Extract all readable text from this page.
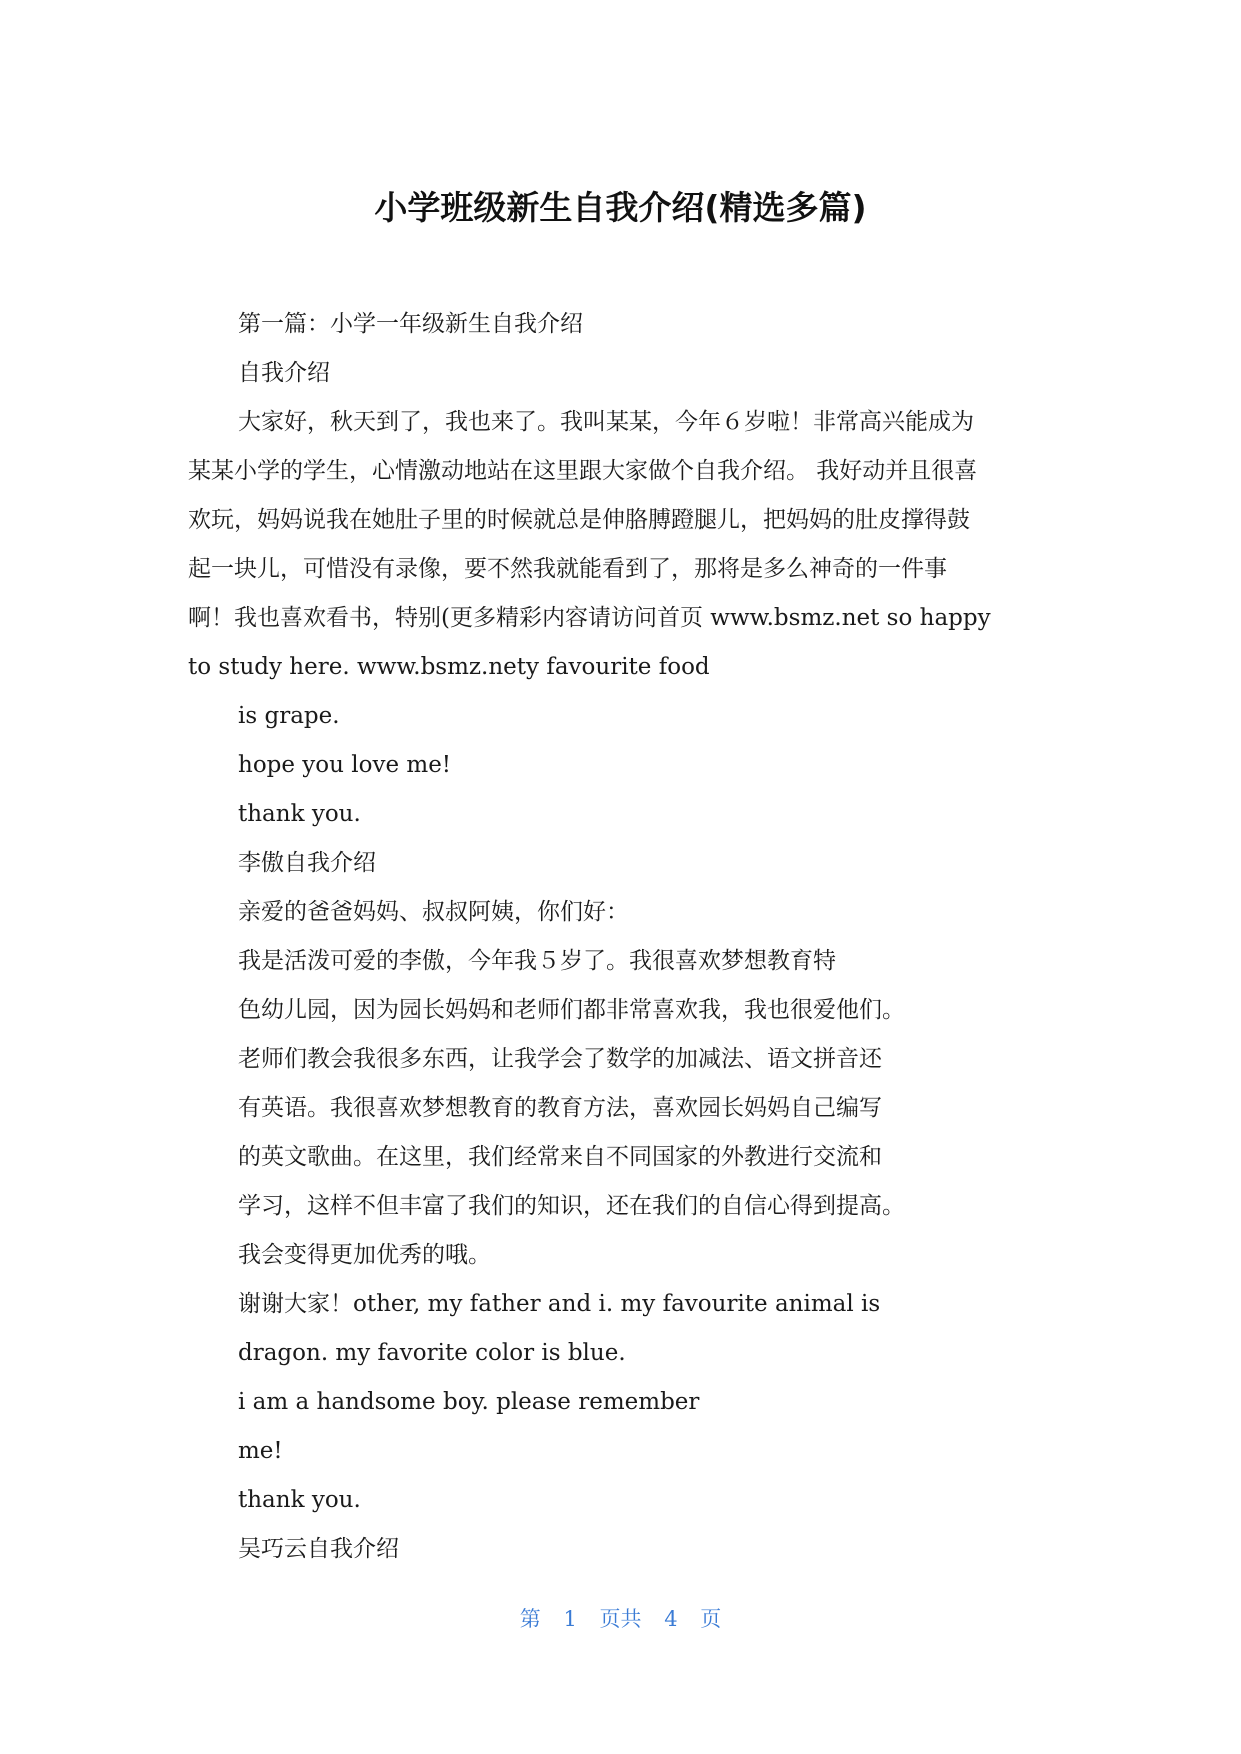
小学班级新生自我介绍(精选多篇)
第一篇：小学一年级新生自我介绍
自我介绍
大家好，秋天到了，我也来了。我叫某某，今年６岁啦！非常高兴能成为
某某小学的学生，心情激动地站在这里跟大家做个自我介绍。 我好动并且很喜
欢玩，妈妈说我在她肚子里的时候就总是伸胳膊蹬腿儿，把妈妈的肚皮撑得鼓
起一块儿，可惜没有录像，要不然我就能看到了，那将是多么神奇的一件事
啊！我也喜欢看书，特别(更多精彩内容请访问首页 www.bsmz.net so happy
to study here. www.bsmz.nety favourite food
is grape.
hope you love me!
thank you.
李傲自我介绍
亲爱的爸爸妈妈、叔叔阿姨，你们好：
我是活泼可爱的李傲，今年我５岁了。我很喜欢梦想教育特
色幼儿园，因为园长妈妈和老师们都非常喜欢我，我也很爱他们。
老师们教会我很多东西，让我学会了数学的加减法、语文拼音还
有英语。我很喜欢梦想教育的教育方法，喜欢园长妈妈自己编写
的英文歌曲。在这里，我们经常来自不同国家的外教进行交流和
学习，这样不但丰富了我们的知识，还在我们的自信心得到提高。
我会变得更加优秀的哦。
谢谢大家！other, my father and i. my favourite animal is
dragon. my favorite color is blue.
i am a handsome boy. please remember
me!
thank you.
吴巧云自我介绍
第 1 页共 4 页
